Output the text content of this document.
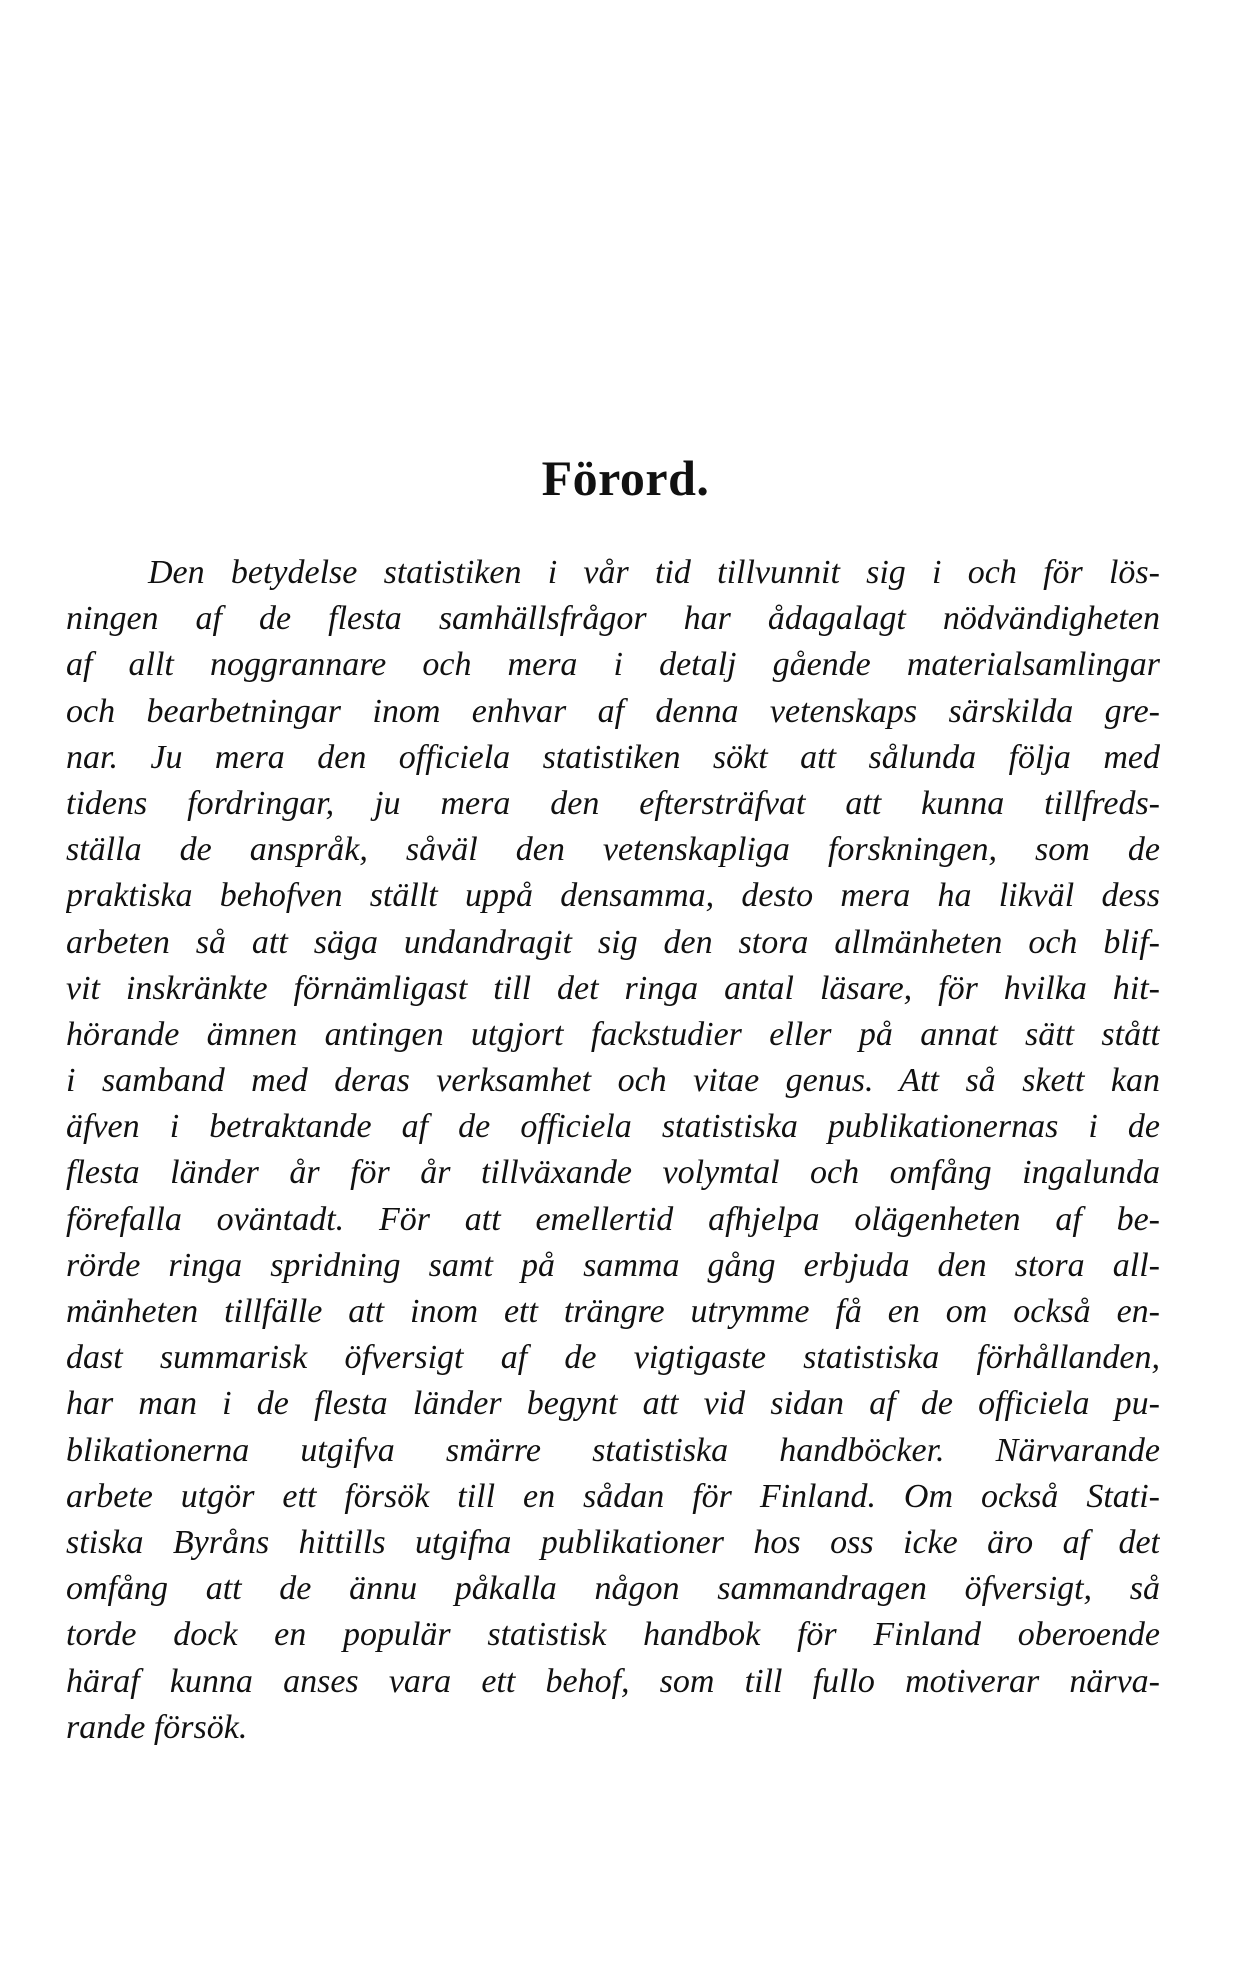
Förord.
Den betydelse statistiken i vår tid tillvunnit sig i och för lös-
ningen af de flesta samhällsfrågor har ådagalagt nödvändigheten
af allt noggrannare och mera i detalj gående materialsamlingar
och bearbetningar inom enhvar af denna vetenskaps särskilda gre-
nar. Ju mera den officiela statistiken sökt att sålunda följa med
tidens fordringar, ju mera den eftersträfvat att kunna tillfreds-
ställa de anspråk, såväl den vetenskapliga forskningen, som de
praktiska behofven ställt uppå densamma, desto mera ha likväl dess
arbeten så att säga undandragit sig den stora allmänheten och blif-
vit inskränkte förnämligast till det ringa antal läsare, för hvilka hit-
hörande ämnen antingen utgjort fackstudier eller på annat sätt stått
i samband med deras verksamhet och vitae genus. Att så skett kan
äfven i betraktande af de officiela statistiska publikationernas i de
flesta länder år för år tillväxande volymtal och omfång ingalunda
förefalla oväntadt. För att emellertid afhjelpa olägenheten af be-
rörde ringa spridning samt på samma gång erbjuda den stora all-
mänheten tillfälle att inom ett trängre utrymme få en om också en-
dast summarisk öfversigt af de vigtigaste statistiska förhållanden,
har man i de flesta länder begynt att vid sidan af de officiela pu-
blikationerna utgifva smärre statistiska handböcker. Närvarande
arbete utgör ett försök till en sådan för Finland. Om också Stati-
stiska Byråns hittills utgifna publikationer hos oss icke äro af det
omfång att de ännu påkalla någon sammandragen öfversigt, så
torde dock en populär statistisk handbok för Finland oberoende
häraf kunna anses vara ett behof, som till fullo motiverar närva-
rande försök.
